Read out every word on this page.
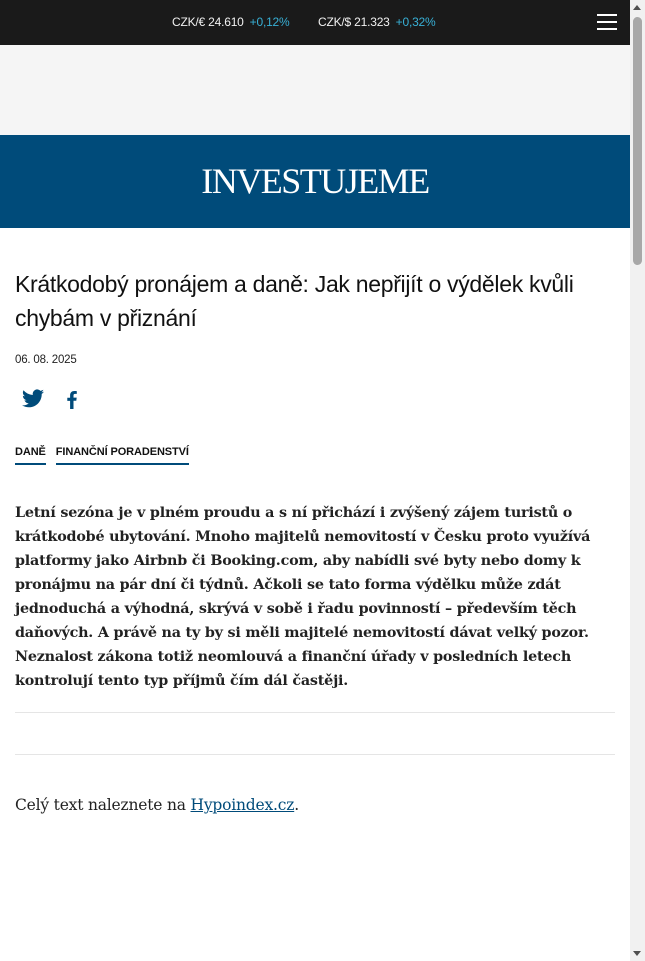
CZK/€ 24.610 +0,12% CZK/$ 21.323 +0,32%
INVESTUJEME
Krátkodobý pronájem a daně: Jak nepřijít o výdělek kvůli chybám v přiznání
06. 08. 2025
DANĚ FINANČNÍ PORADENSTVÍ

Letní sezóna je v plném proudu a s ní přichází i zvýšený zájem turistů o krátkodobé ubytování. Mnoho majitelů nemovitostí v Česku proto využívá platformy jako Airbnb či Booking.com, aby nabídli své byty nebo domy k pronájmu na pár dní či týdnů. Ačkoli se tato forma výdělku může zdát jednoduchá a výhodná, skrývá v sobě i řadu povinností – především těch daňových. A právě na ty by si měli majitelé nemovitostí dávat velký pozor. Neznalost zákona totiž neomlouvá a finanční úřady v posledních letech kontrolují tento typ příjmů čím dál častěji.

Celý text naleznete na Hypoindex.cz.
